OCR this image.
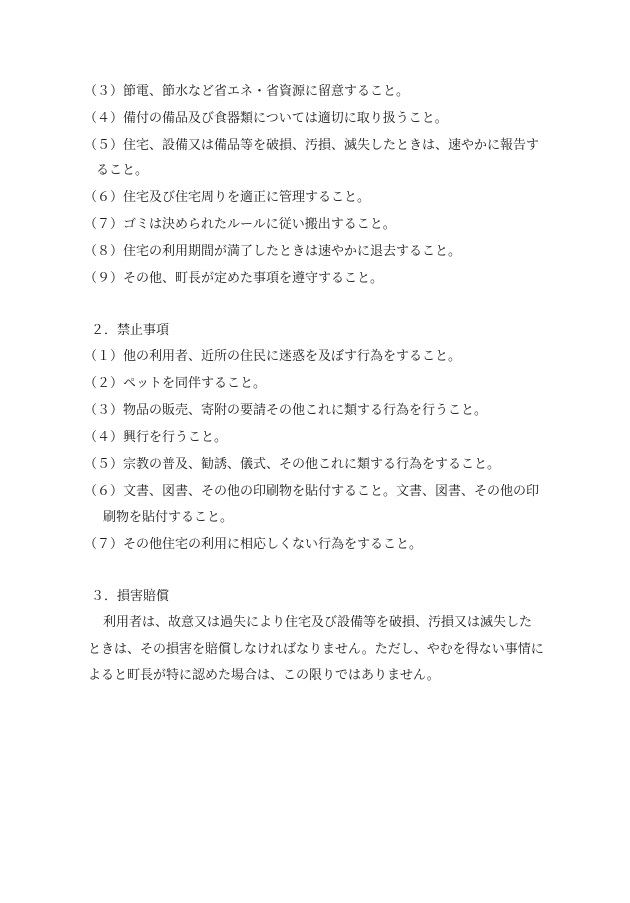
（３）節電、節水など省エネ・省資源に留意すること。
（４）備付の備品及び食器類については適切に取り扱うこと。
（５）住宅、設備又は備品等を破損、汚損、滅失したときは、速やかに報告す
ること。
（６）住宅及び住宅周りを適正に管理すること。
（７）ゴミは決められたルールに従い搬出すること。
（８）住宅の利用期間が満了したときは速やかに退去すること。
（９）その他、町長が定めた事項を遵守すること。
２．禁止事項
（１）他の利用者、近所の住民に迷惑を及ぼす行為をすること。
（２）ペットを同伴すること。
（３）物品の販売、寄附の要請その他これに類する行為を行うこと。
（４）興行を行うこと。
（５）宗教の普及、勧誘、儀式、その他これに類する行為をすること。
（６）文書、図書、その他の印刷物を貼付すること。文書、図書、その他の印
刷物を貼付すること。
（７）その他住宅の利用に相応しくない行為をすること。
３．損害賠償
利用者は、故意又は過失により住宅及び設備等を破損、汚損又は滅失した
ときは、その損害を賠償しなければなりません。ただし、やむを得ない事情に
よると町長が特に認めた場合は、この限りではありません。
